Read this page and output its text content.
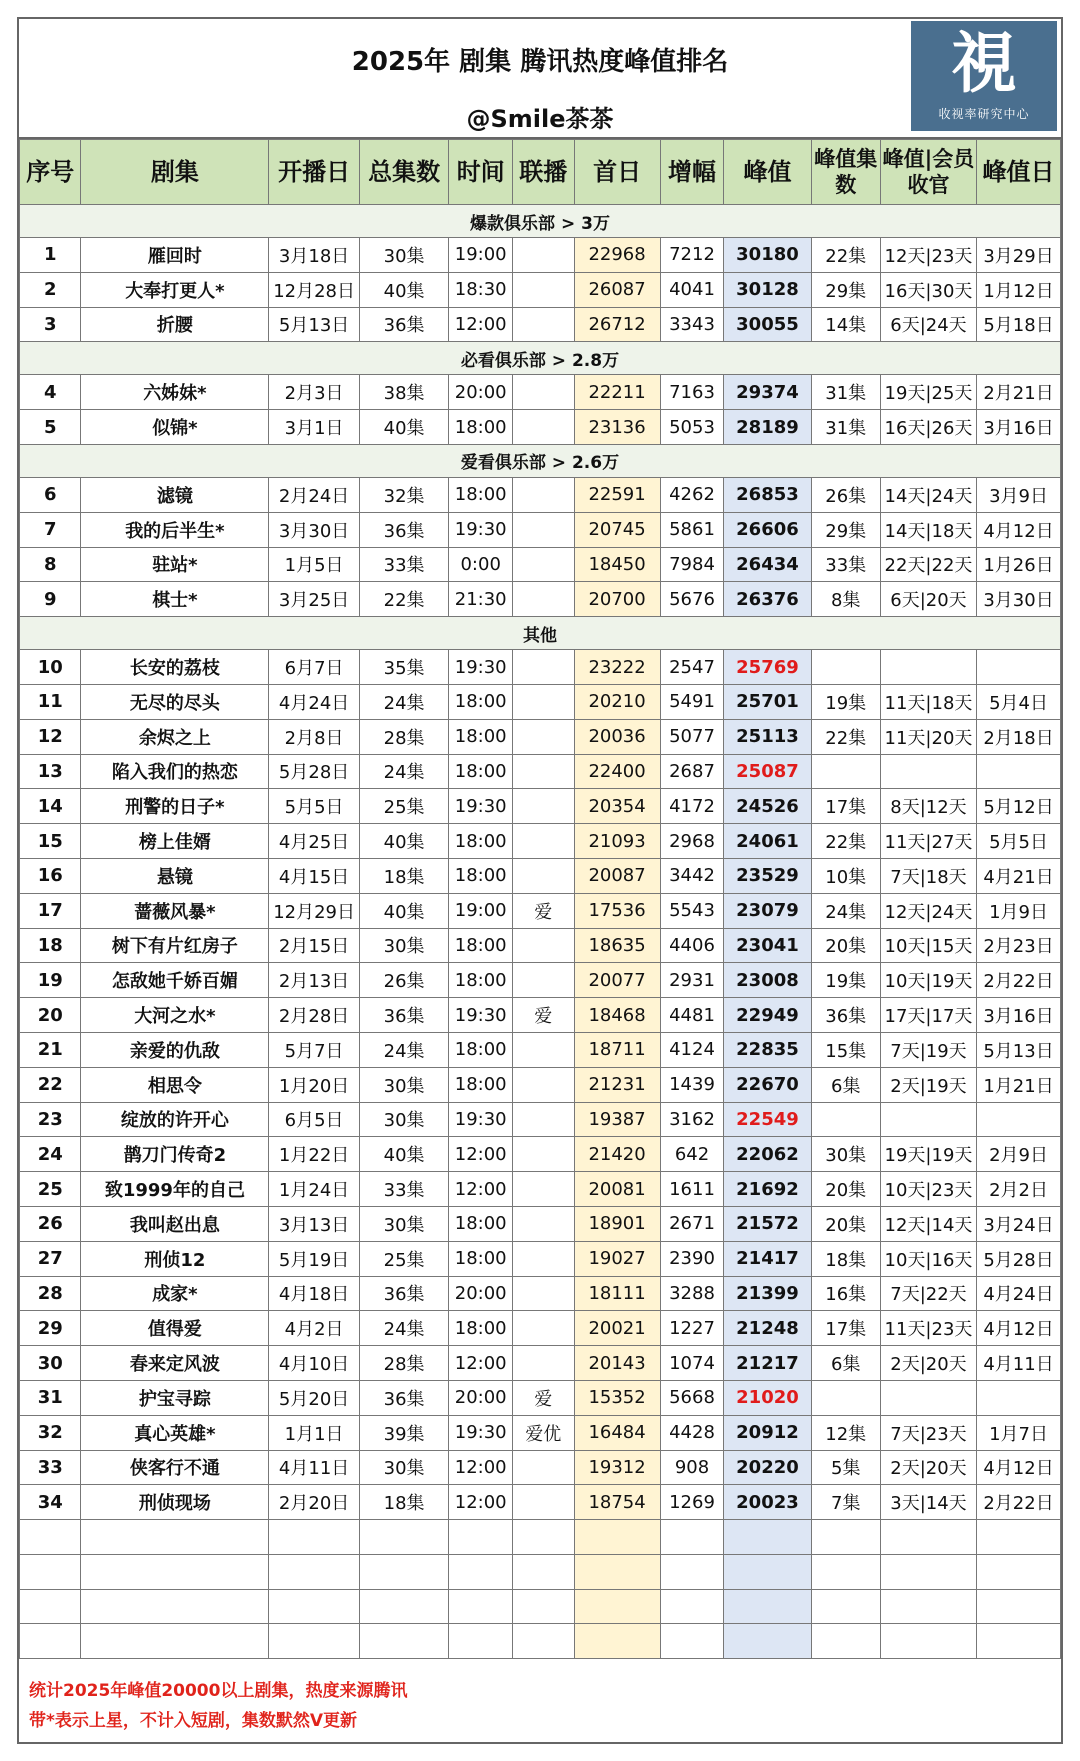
2025年 剧集 腾讯热度峰值排名
@Smile茶茶
視
收视率研究中心
序号	剧集	开播日	总集数	时间	联播	首日	增幅	峰值	峰值集数	峰值|会员收官	峰值日
爆款俱乐部 > 3万											
1	雁回时	3月18日	30集	19:00		22968	7212	30180	22集	12天|23天	3月29日
2	大奉打更人*	12月28日	40集	18:30		26087	4041	30128	29集	16天|30天	1月12日
3	折腰	5月13日	36集	12:00		26712	3343	30055	14集	6天|24天	5月18日
必看俱乐部 > 2.8万											
4	六姊妹*	2月3日	38集	20:00		22211	7163	29374	31集	19天|25天	2月21日
5	似锦*	3月1日	40集	18:00		23136	5053	28189	31集	16天|26天	3月16日
爱看俱乐部 > 2.6万											
6	滤镜	2月24日	32集	18:00		22591	4262	26853	26集	14天|24天	3月9日
7	我的后半生*	3月30日	36集	19:30		20745	5861	26606	29集	14天|18天	4月12日
8	驻站*	1月5日	33集	0:00		18450	7984	26434	33集	22天|22天	1月26日
9	棋士*	3月25日	22集	21:30		20700	5676	26376	8集	6天|20天	3月30日
其他											
10	长安的荔枝	6月7日	35集	19:30		23222	2547	25769			
11	无尽的尽头	4月24日	24集	18:00		20210	5491	25701	19集	11天|18天	5月4日
12	余烬之上	2月8日	28集	18:00		20036	5077	25113	22集	11天|20天	2月18日
13	陷入我们的热恋	5月28日	24集	18:00		22400	2687	25087			
14	刑警的日子*	5月5日	25集	19:30		20354	4172	24526	17集	8天|12天	5月12日
15	榜上佳婿	4月25日	40集	18:00		21093	2968	24061	22集	11天|27天	5月5日
16	悬镜	4月15日	18集	18:00		20087	3442	23529	10集	7天|18天	4月21日
17	蔷薇风暴*	12月29日	40集	19:00	爱	17536	5543	23079	24集	12天|24天	1月9日
18	树下有片红房子	2月15日	30集	18:00		18635	4406	23041	20集	10天|15天	2月23日
19	怎敌她千娇百媚	2月13日	26集	18:00		20077	2931	23008	19集	10天|19天	2月22日
20	大河之水*	2月28日	36集	19:30	爱	18468	4481	22949	36集	17天|17天	3月16日
21	亲爱的仇敌	5月7日	24集	18:00		18711	4124	22835	15集	7天|19天	5月13日
22	相思令	1月20日	30集	18:00		21231	1439	22670	6集	2天|19天	1月21日
23	绽放的许开心	6月5日	30集	19:30		19387	3162	22549			
24	鹊刀门传奇2	1月22日	40集	12:00		21420	642	22062	30集	19天|19天	2月9日
25	致1999年的自己	1月24日	33集	12:00		20081	1611	21692	20集	10天|23天	2月2日
26	我叫赵出息	3月13日	30集	18:00		18901	2671	21572	20集	12天|14天	3月24日
27	刑侦12	5月19日	25集	18:00		19027	2390	21417	18集	10天|16天	5月28日
28	成家*	4月18日	36集	20:00		18111	3288	21399	16集	7天|22天	4月24日
29	值得爱	4月2日	24集	18:00		20021	1227	21248	17集	11天|23天	4月12日
30	春来定风波	4月10日	28集	12:00		20143	1074	21217	6集	2天|20天	4月11日
31	护宝寻踪	5月20日	36集	20:00	爱	15352	5668	21020			
32	真心英雄*	1月1日	39集	19:30	爱优	16484	4428	20912	12集	7天|23天	1月7日
33	侠客行不通	4月11日	30集	12:00		19312	908	20220	5集	2天|20天	4月12日
34	刑侦现场	2月20日	18集	12:00		18754	1269	20023	7集	3天|14天	2月22日

统计2025年峰值20000以上剧集，热度来源腾讯
带*表示上星，不计入短剧，集数默然V更新
